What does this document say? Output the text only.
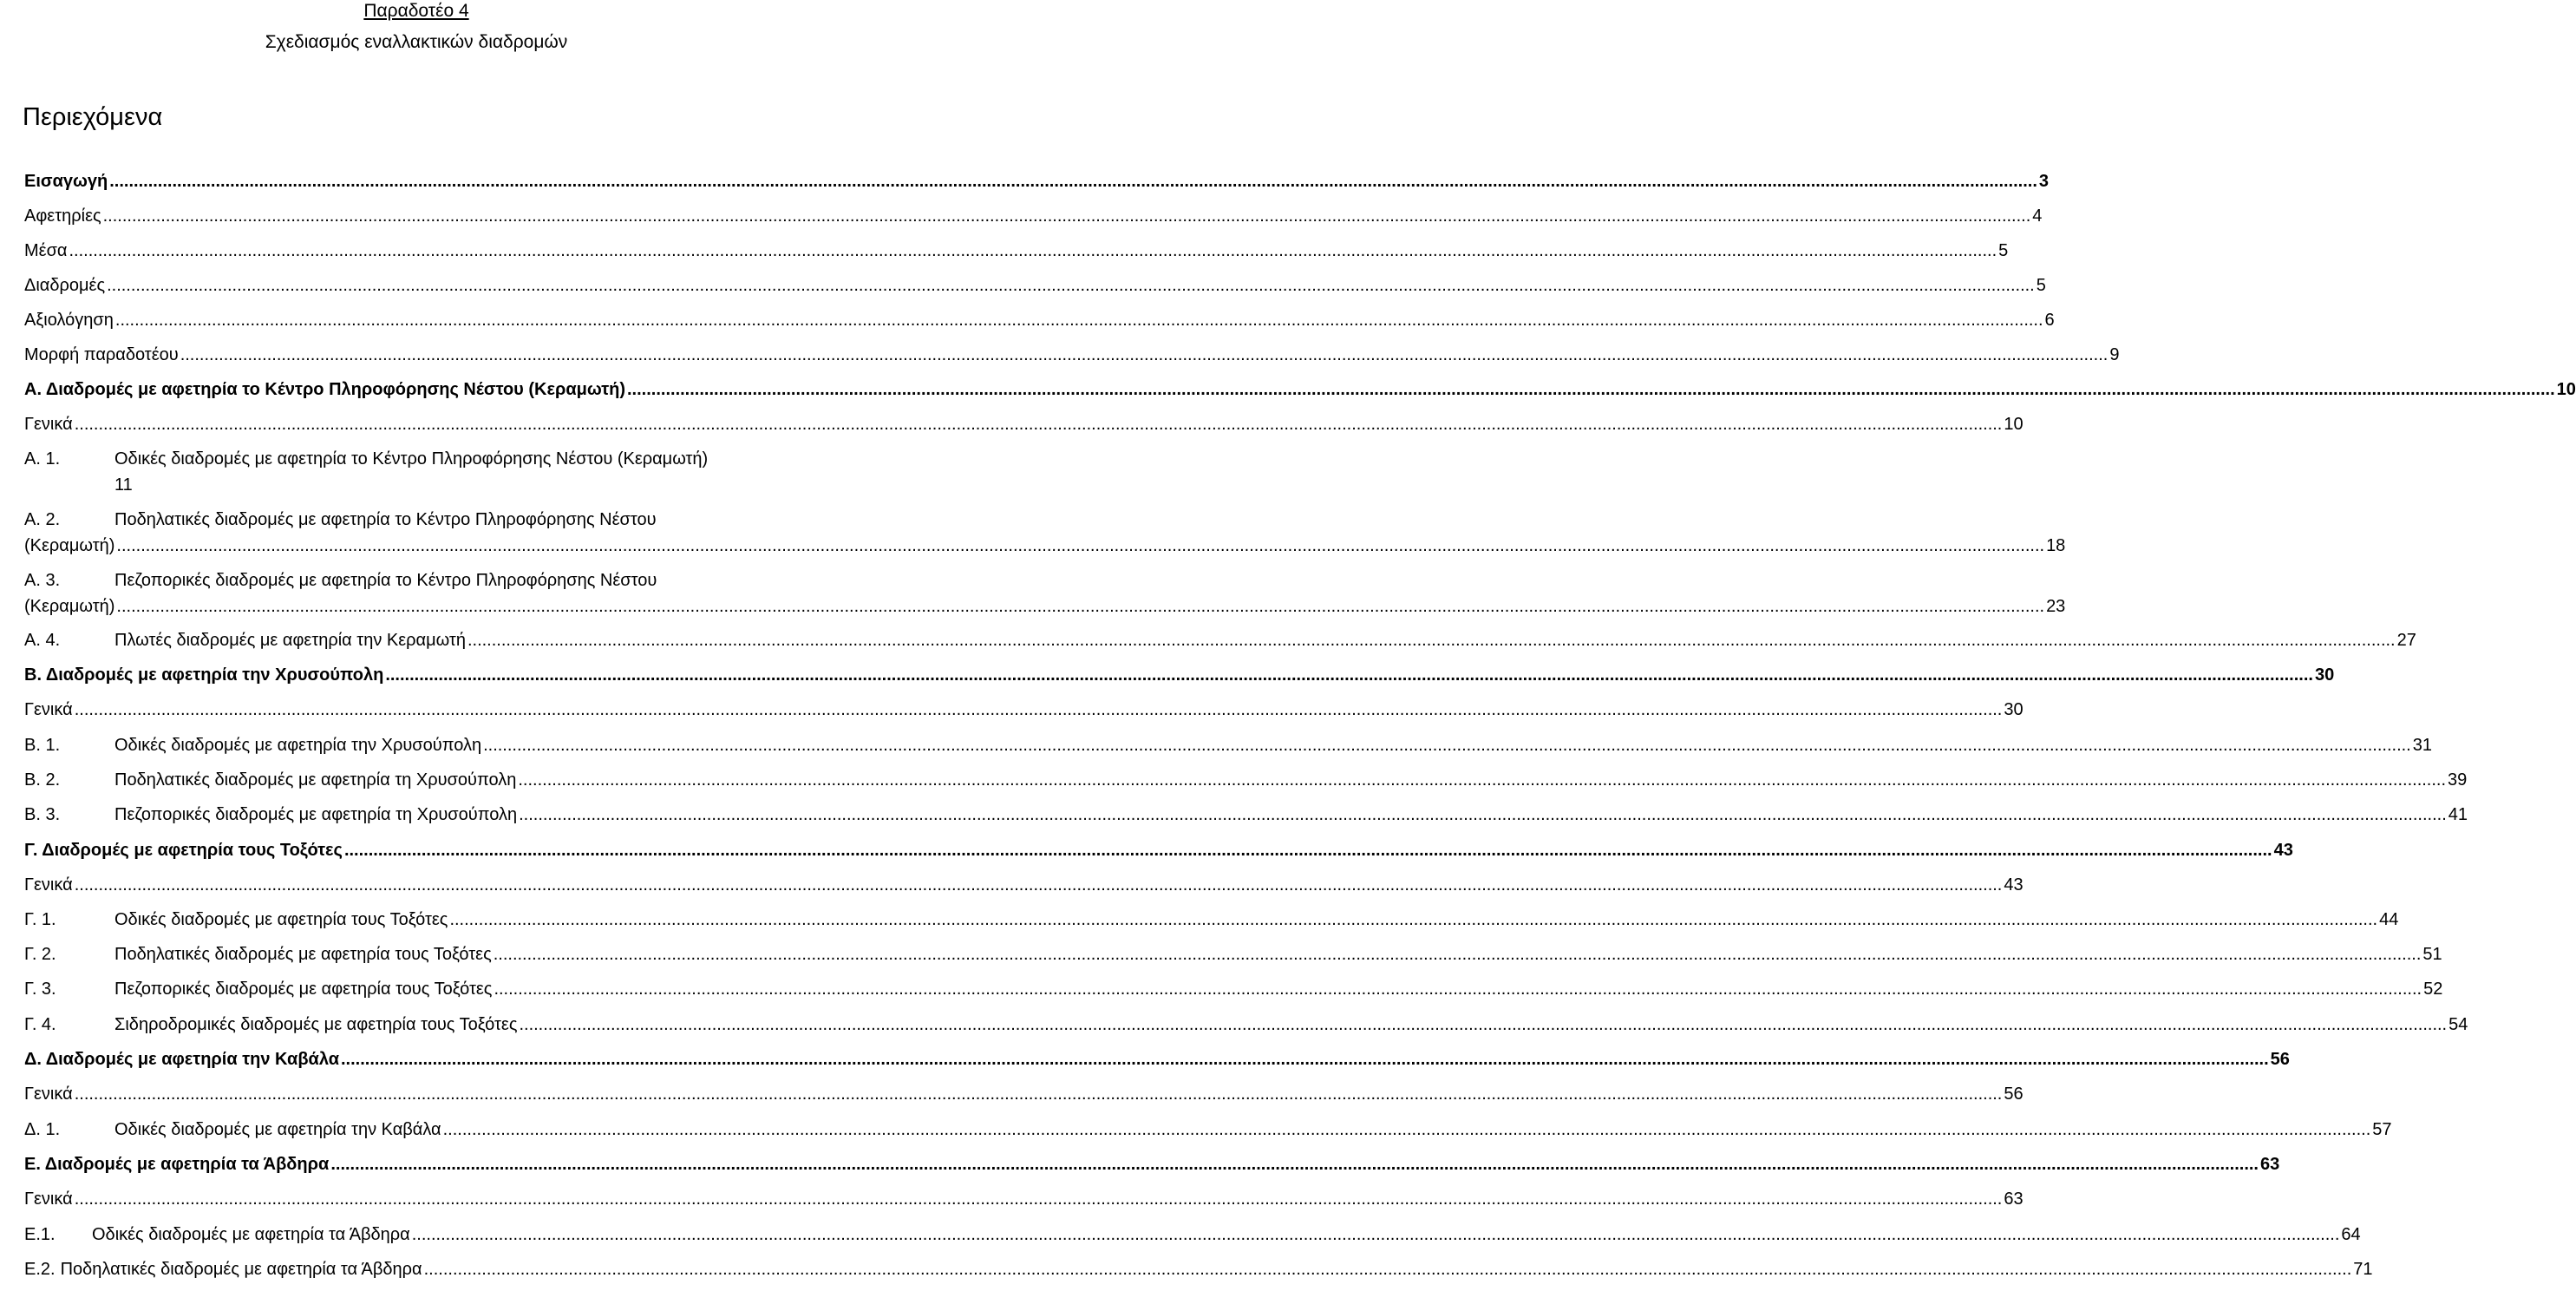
Παραδοτέο 4
Σχεδιασμός εναλλακτικών διαδρομών
Περιεχόμενα
Εισαγωγή ................................................................................................................................................................................................................................................................................................................................................................................................................ 3
Αφετηρίες ................................................................................................................................................................................................................................................................................................................................................................................................................ 4
Μέσα ................................................................................................................................................................................................................................................................................................................................................................................................................ 5
Διαδρομές ................................................................................................................................................................................................................................................................................................................................................................................................................ 5
Αξιολόγηση ................................................................................................................................................................................................................................................................................................................................................................................................................ 6
Μορφή παραδοτέου ................................................................................................................................................................................................................................................................................................................................................................................................................ 9
Α. Διαδρομές με αφετηρία το Κέντρο Πληροφόρησης Νέστου (Κεραμωτή) ................................................................................................................................................................................................................................................................................................................................................................................................................ 10
Γενικά ................................................................................................................................................................................................................................................................................................................................................................................................................ 10
Α. 1.	Οδικές διαδρομές με αφετηρία το Κέντρο Πληροφόρησης Νέστου (Κεραμωτή)
11
Α. 2.	Ποδηλατικές διαδρομές με αφετηρία το Κέντρο Πληροφόρησης Νέστου
(Κεραμωτή) ................................................................................................................................................................................................................................................................................................................................................................................................................ 18
Α. 3.	Πεζοπορικές διαδρομές με αφετηρία το Κέντρο Πληροφόρησης Νέστου
(Κεραμωτή) ................................................................................................................................................................................................................................................................................................................................................................................................................ 23
Α. 4.	Πλωτές διαδρομές με αφετηρία την Κεραμωτή ................................................................................................................................................................................................................................................................................................................................................................................................................ 27
Β. Διαδρομές με αφετηρία την Χρυσούπολη ................................................................................................................................................................................................................................................................................................................................................................................................................ 30
Γενικά ................................................................................................................................................................................................................................................................................................................................................................................................................ 30
Β. 1.	Οδικές διαδρομές με αφετηρία την Χρυσούπολη ................................................................................................................................................................................................................................................................................................................................................................................................................ 31
Β. 2.	Ποδηλατικές διαδρομές με αφετηρία τη Χρυσούπολη ................................................................................................................................................................................................................................................................................................................................................................................................................ 39
Β. 3.	Πεζοπορικές διαδρομές με αφετηρία τη Χρυσούπολη ................................................................................................................................................................................................................................................................................................................................................................................................................ 41
Γ. Διαδρομές με αφετηρία τους Τοξότες ................................................................................................................................................................................................................................................................................................................................................................................................................ 43
Γενικά ................................................................................................................................................................................................................................................................................................................................................................................................................ 43
Γ. 1.	Οδικές διαδρομές με αφετηρία τους Τοξότες ................................................................................................................................................................................................................................................................................................................................................................................................................ 44
Γ. 2.	Ποδηλατικές διαδρομές με αφετηρία τους Τοξότες ................................................................................................................................................................................................................................................................................................................................................................................................................ 51
Γ. 3.	Πεζοπορικές διαδρομές με αφετηρία τους Τοξότες ................................................................................................................................................................................................................................................................................................................................................................................................................ 52
Γ. 4.	Σιδηροδρομικές διαδρομές με αφετηρία τους Τοξότες ................................................................................................................................................................................................................................................................................................................................................................................................................ 54
Δ. Διαδρομές με αφετηρία την Καβάλα ................................................................................................................................................................................................................................................................................................................................................................................................................ 56
Γενικά ................................................................................................................................................................................................................................................................................................................................................................................................................ 56
Δ. 1.	Οδικές διαδρομές με αφετηρία την Καβάλα ................................................................................................................................................................................................................................................................................................................................................................................................................ 57
Ε. Διαδρομές με αφετηρία τα Άβδηρα ................................................................................................................................................................................................................................................................................................................................................................................................................ 63
Γενικά ................................................................................................................................................................................................................................................................................................................................................................................................................ 63
Ε.1.	Οδικές διαδρομές με αφετηρία τα Άβδηρα ................................................................................................................................................................................................................................................................................................................................................................................................................ 64
Ε.2. Ποδηλατικές διαδρομές με αφετηρία τα Άβδηρα ................................................................................................................................................................................................................................................................................................................................................................................................................ 71
